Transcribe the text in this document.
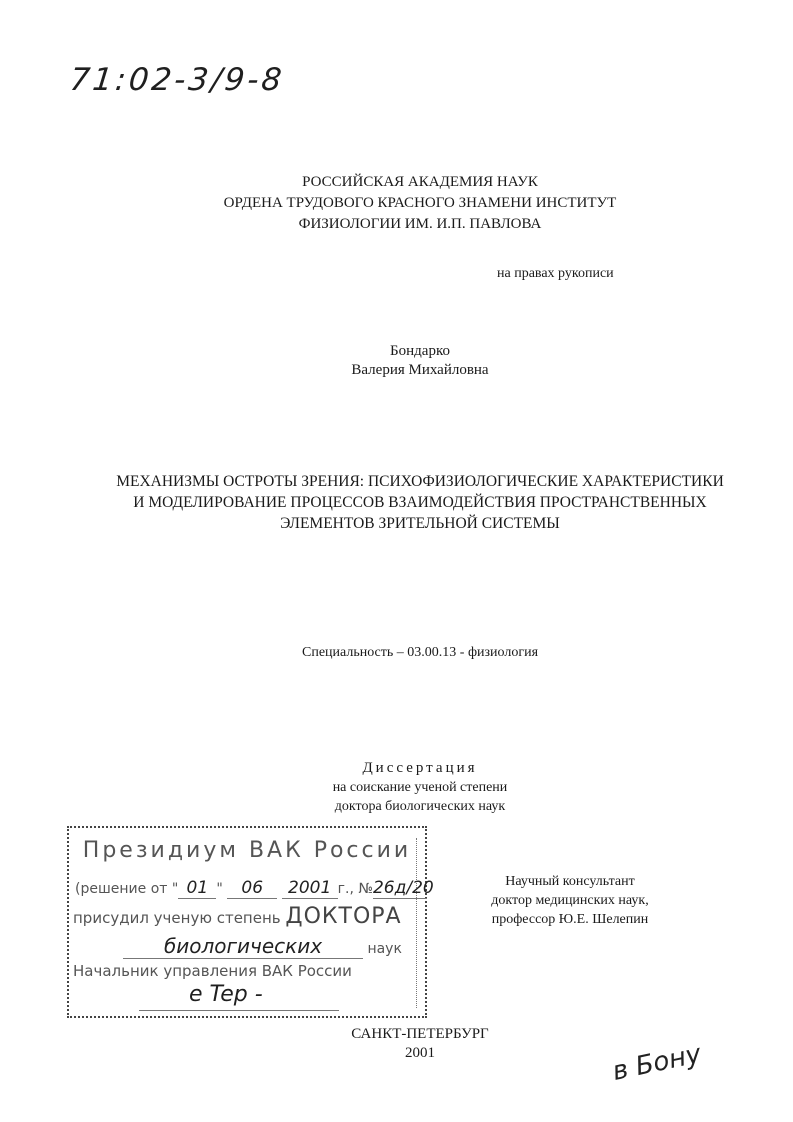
71:02-3/9-8
РОССИЙСКАЯ АКАДЕМИЯ НАУК
ОРДЕНА ТРУДОВОГО КРАСНОГО ЗНАМЕНИ ИНСТИТУТ
ФИЗИОЛОГИИ ИМ. И.П. ПАВЛОВА
на правах рукописи
Бондарко
Валерия Михайловна
МЕХАНИЗМЫ ОСТРОТЫ ЗРЕНИЯ: ПСИХОФИЗИОЛОГИЧЕСКИЕ ХАРАКТЕРИСТИКИ
И МОДЕЛИРОВАНИЕ ПРОЦЕССОВ ВЗАИМОДЕЙСТВИЯ ПРОСТРАНСТВЕННЫХ
ЭЛЕМЕНТОВ ЗРИТЕЛЬНОЙ СИСТЕМЫ
Специальность – 03.00.13 - физиология
Диссертация
на соискание ученой степени
доктора биологических наук
Президиум ВАК России
(решение от " 01 " 06 2001 г., №26д/20
присудил ученую степень ДОКТОРА
биологических	наук
Начальник управления ВАК России
e Tep -
Научный консультант
доктор медицинских наук,
профессор Ю.Е. Шелепин
САНКТ-ПЕТЕРБУРГ
2001	в Бону
